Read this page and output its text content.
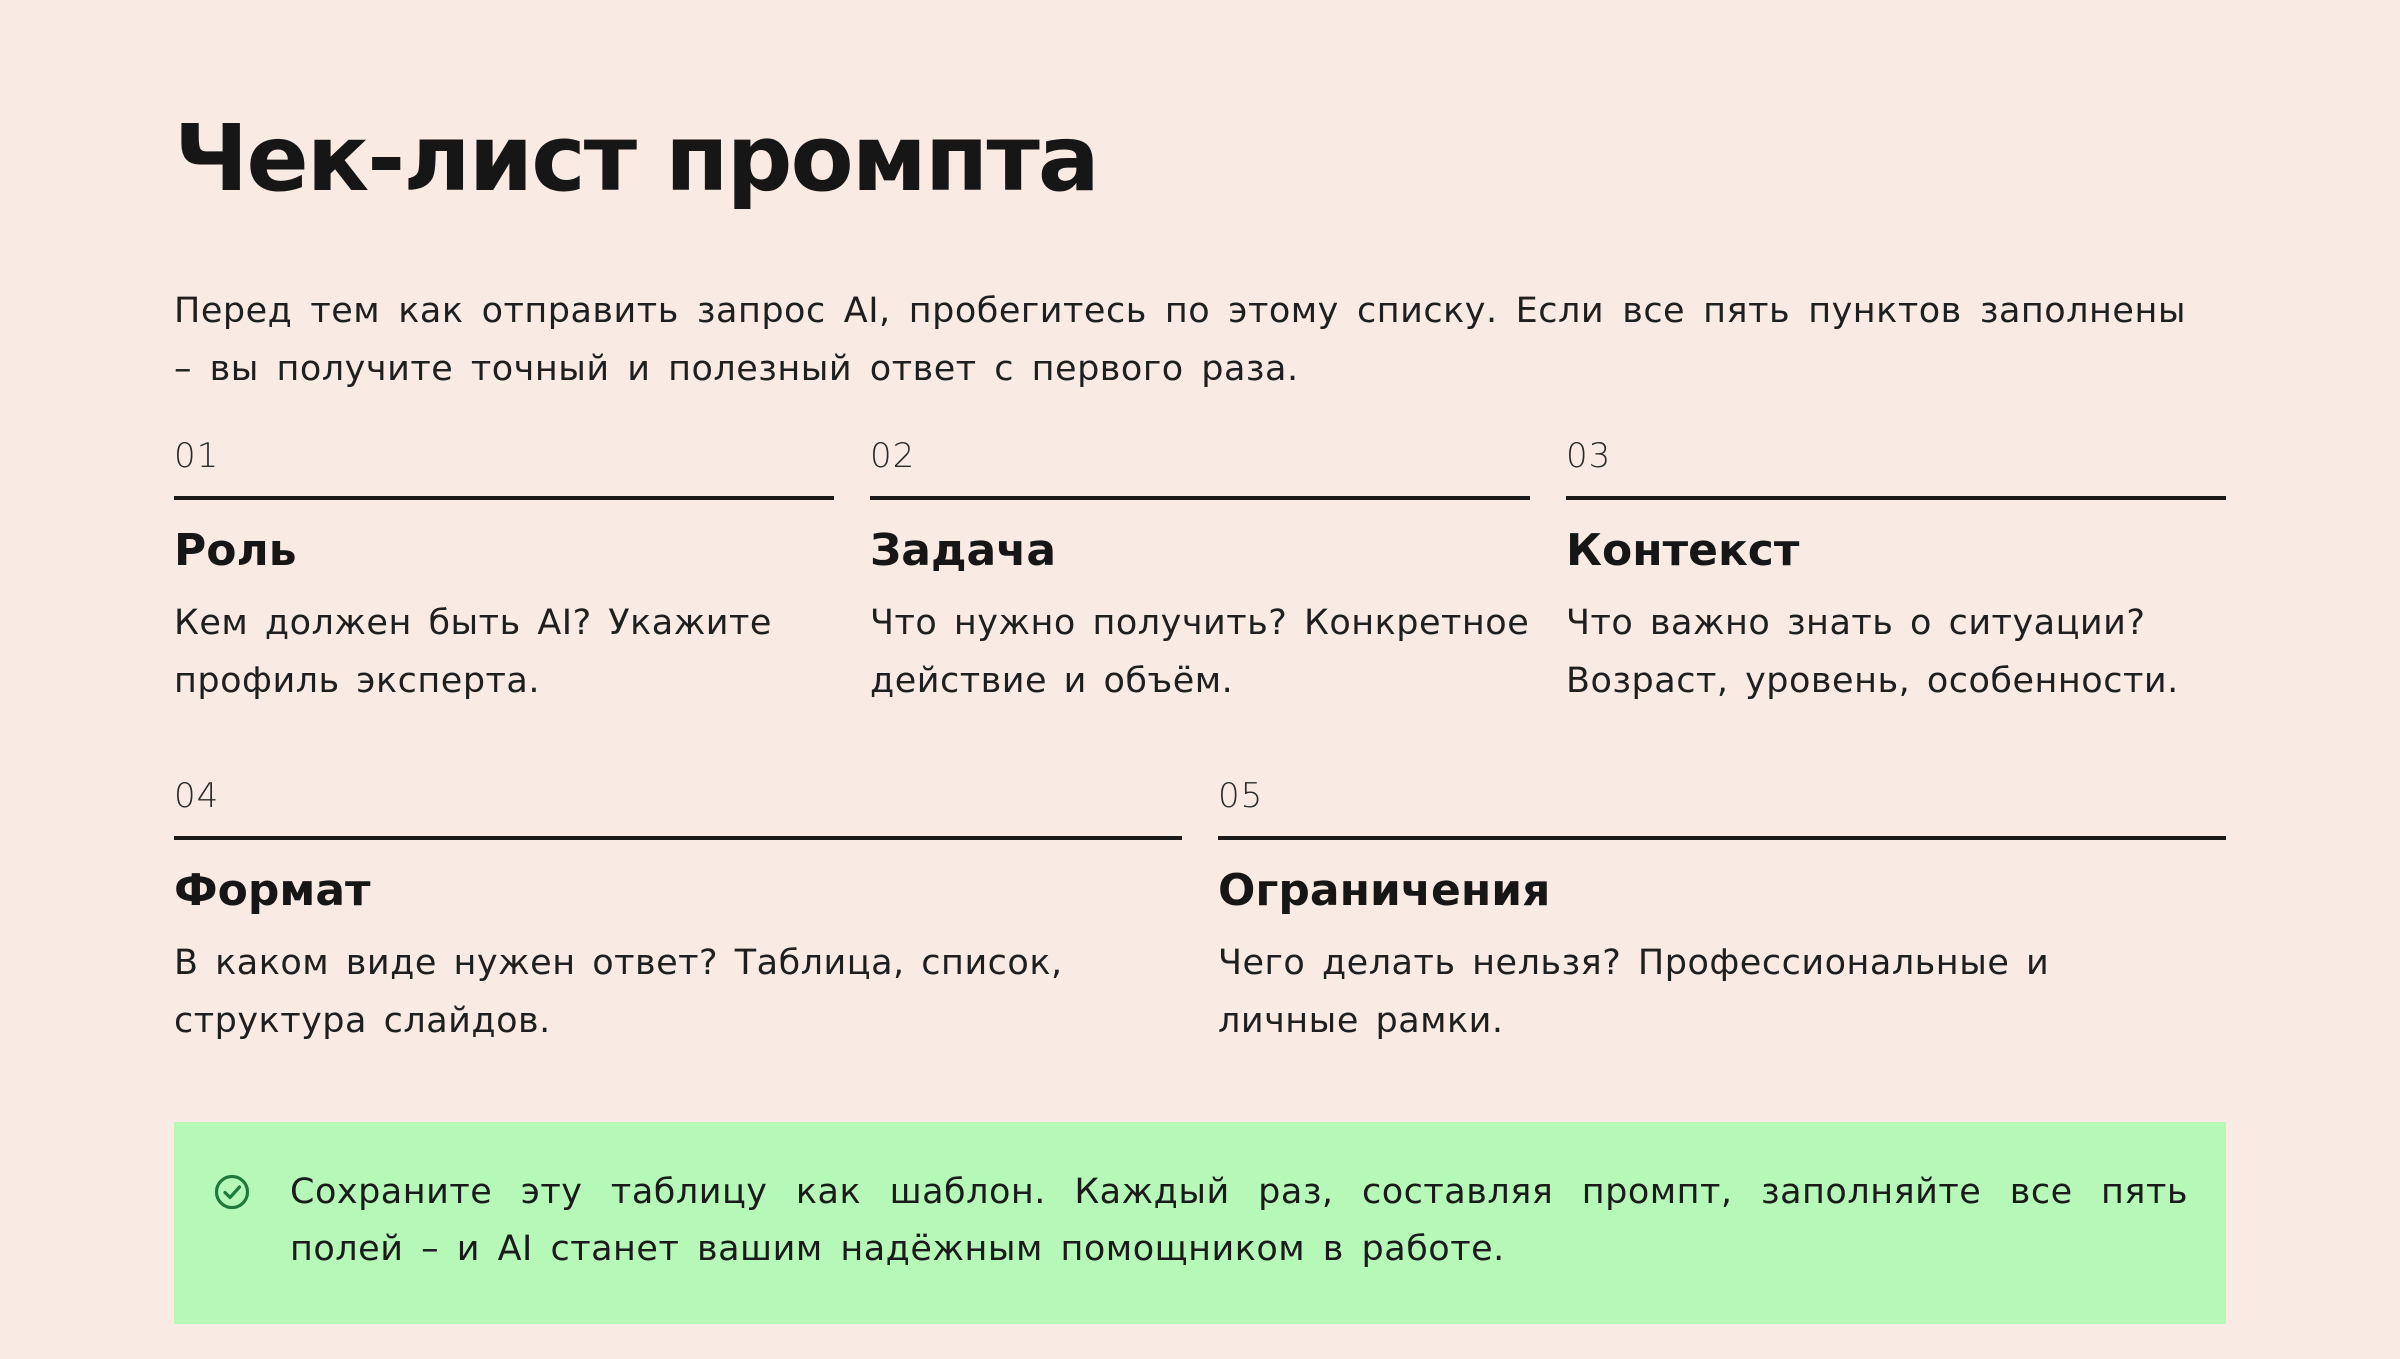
Чек-лист промпта

Перед тем как отправить запрос AI, пробегитесь по этому списку. Если все пять пунктов заполнены – вы получите точный и полезный ответ с первого раза.

01
Роль
Кем должен быть AI? Укажите профиль эксперта.
02
Задача
Что нужно получить? Конкретное действие и объём.
03
Контекст
Что важно знать о ситуации? Возраст, уровень, особенности.
04
Формат
В каком виде нужен ответ? Таблица, список, структура слайдов.
05
Ограничения
Чего делать нельзя? Профессиональные и личные рамки.

Сохраните эту таблицу как шаблон. Каждый раз, составляя промпт, заполняйте все пять полей – и AI станет вашим надёжным помощником в работе.
